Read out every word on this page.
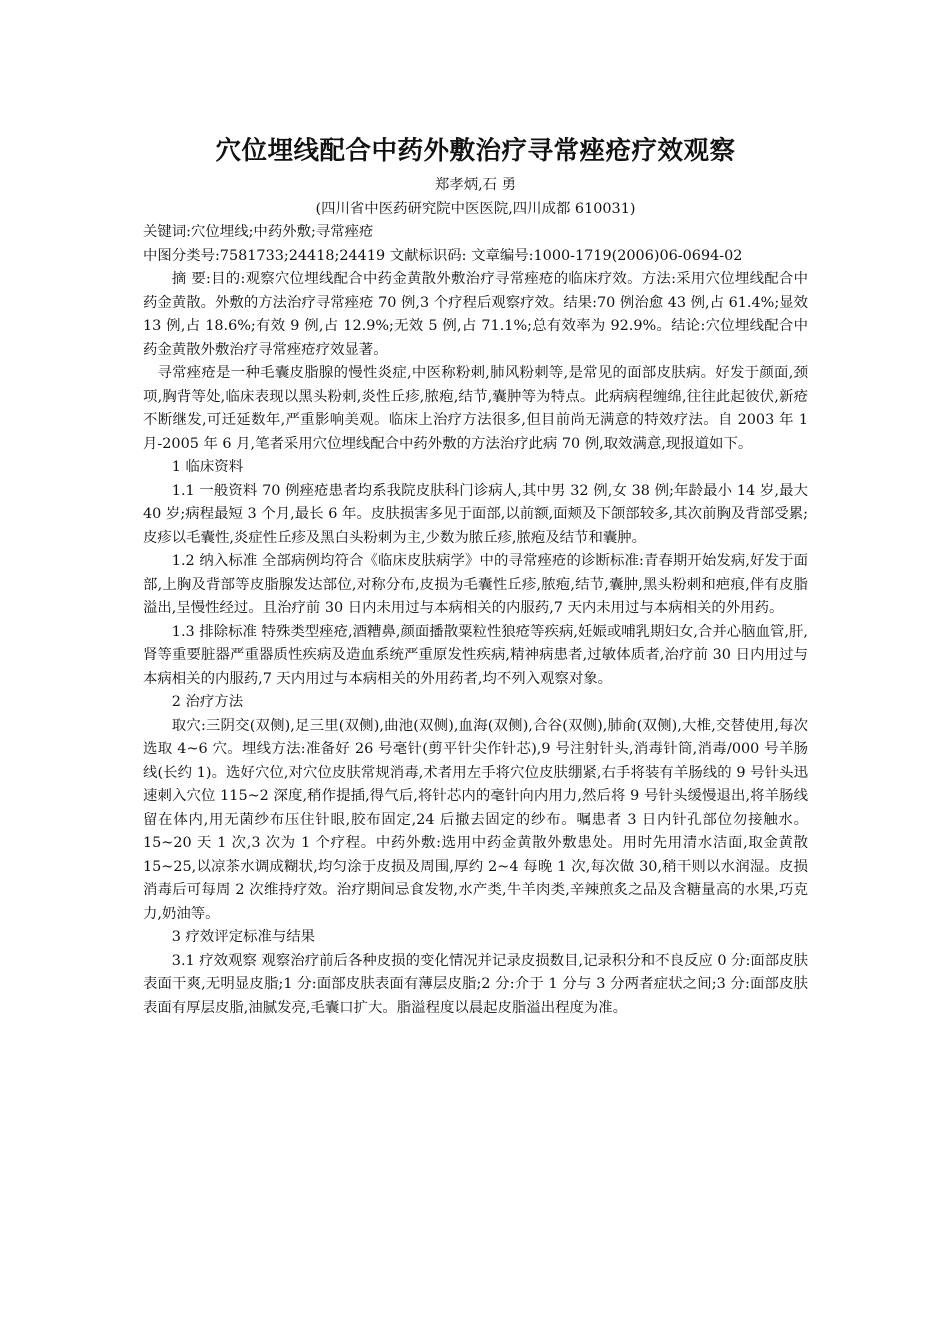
穴位埋线配合中药外敷治疗寻常痤疮疗效观察
郑孝炳,石 勇
(四川省中医药研究院中医医院,四川成都 610031)
关键词:穴位埋线;中药外敷;寻常痤疮
中图分类号:7581733;24418;24419 文献标识码: 文章编号:1000-1719(2006)06-0694-02

摘 要:目的:观察穴位埋线配合中药金黄散外敷治疗寻常痤疮的临床疗效。方法:采用穴位埋线配合中药金黄散。外敷的方法治疗寻常痤疮 70 例,3 个疗程后观察疗效。结果:70 例治愈 43 例,占 61.4%;显效 13 例,占 18.6%;有效 9 例,占 12.9%;无效 5 例,占 71.1%;总有效率为 92.9%。结论:穴位埋线配合中药金黄散外敷治疗寻常痤疮疗效显著。

寻常痤疮是一种毛囊皮脂腺的慢性炎症,中医称粉刺,肺风粉刺等,是常见的面部皮肤病。好发于颜面,颈项,胸背等处,临床表现以黑头粉刺,炎性丘疹,脓疱,结节,囊肿等为特点。此病病程缠绵,往往此起彼伏,新疮不断继发,可迁延数年,严重影响美观。临床上治疗方法很多,但目前尚无满意的特效疗法。自 2003 年 1 月-2005 年 6 月,笔者采用穴位埋线配合中药外敷的方法治疗此病 70 例,取效满意,现报道如下。

1 临床资料

1.1 一般资料 70 例痤疮患者均系我院皮肤科门诊病人,其中男 32 例,女 38 例;年龄最小 14 岁,最大 40 岁;病程最短 3 个月,最长 6 年。皮肤损害多见于面部,以前额,面颊及下颌部较多,其次前胸及背部受累;皮疹以毛囊性,炎症性丘疹及黑白头粉刺为主,少数为脓丘疹,脓疱及结节和囊肿。

1.2 纳入标准 全部病例均符合《临床皮肤病学》中的寻常痤疮的诊断标准:青春期开始发病,好发于面部,上胸及背部等皮脂腺发达部位,对称分布,皮损为毛囊性丘疹,脓疱,结节,囊肿,黑头粉刺和疤痕,伴有皮脂溢出,呈慢性经过。且治疗前 30 日内未用过与本病相关的内服药,7 天内未用过与本病相关的外用药。

1.3 排除标准 特殊类型痤疮,酒糟鼻,颜面播散粟粒性狼疮等疾病,妊娠或哺乳期妇女,合并心脑血管,肝, 肾等重要脏器严重器质性疾病及造血系统严重原发性疾病,精神病患者,过敏体质者,治疗前 30 日内用过与本病相关的内服药,7 天内用过与本病相关的外用药者,均不列入观察对象。

2 治疗方法

取穴:三阴交(双侧),足三里(双侧),曲池(双侧),血海(双侧),合谷(双侧),肺俞(双侧),大椎,交替使用,每次选取 4~6 穴。埋线方法:准备好 26 号毫针(剪平针尖作针芯),9 号注射针头,消毒针筒,消毒/000 号羊肠线(长约 1)。选好穴位,对穴位皮肤常规消毒,术者用左手将穴位皮肤绷紧,右手将装有羊肠线的 9 号针头迅速刺入穴位 115~2 深度,稍作提插,得气后,将针芯内的毫针向内用力,然后将 9 号针头缓慢退出,将羊肠线留在体内,用无菌纱布压住针眼,胶布固定,24 后撤去固定的纱布。嘱患者 3 日内针孔部位勿接触水。15~20 天 1 次,3 次为 1 个疗程。中药外敷:选用中药金黄散外敷患处。用时先用清水洁面,取金黄散 15~25,以凉茶水调成糊状,均匀涂于皮损及周围,厚约 2~4 每晚 1 次,每次做 30,稍干则以水润湿。皮损消毒后可每周 2 次维持疗效。治疗期间忌食发物,水产类,牛羊肉类,辛辣煎炙之品及含糖量高的水果,巧克力,奶油等。

3 疗效评定标准与结果

3.1 疗效观察 观察治疗前后各种皮损的变化情况并记录皮损数目,记录积分和不良反应 0 分:面部皮肤表面干爽,无明显皮脂;1 分:面部皮肤表面有薄层皮脂;2 分:介于 1 分与 3 分两者症状之间;3 分:面部皮肤表面有厚层皮脂,油腻发亮,毛囊口扩大。脂溢程度以晨起皮脂溢出程度为准。
